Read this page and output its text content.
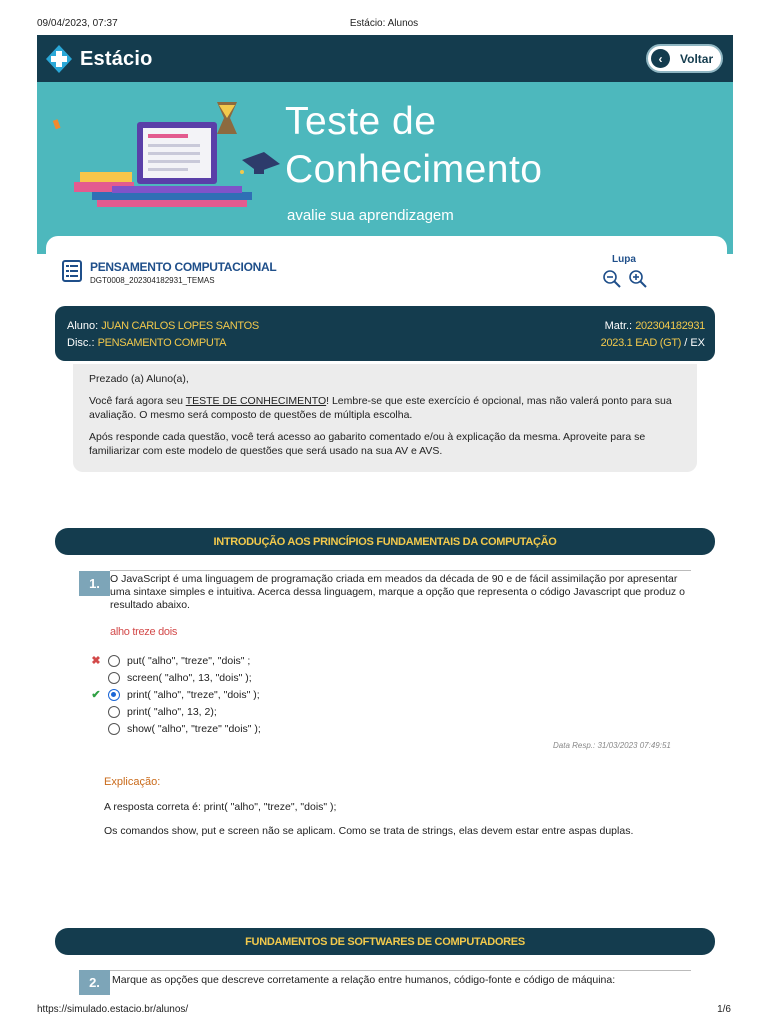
09/04/2023, 07:37	Estácio: Alunos
Estácio	‹	Voltar
Teste de
Conhecimento
avalie sua aprendizagem
PENSAMENTO COMPUTACIONAL
DGT0008_202304182931_TEMAS
Lupa
Aluno: JUAN CARLOS LOPES SANTOS
Disc.: PENSAMENTO COMPUTA
Matr.: 202304182931
2023.1 EAD (GT) / EX

Prezado (a) Aluno(a),

Você fará agora seu TESTE DE CONHECIMENTO! Lembre-se que este exercício é opcional, mas não valerá ponto para sua avaliação. O mesmo será composto de questões de múltipla escolha.

Após responde cada questão, você terá acesso ao gabarito comentado e/ou à explicação da mesma. Aproveite para se familiarizar com este modelo de questões que será usado na sua AV e AVS.

INTRODUÇÃO AOS PRINCÍPIOS FUNDAMENTAIS DA COMPUTAÇÃO
1. O JavaScript é uma linguagem de programação criada em meados da década de 90 e de fácil assimilação por apresentar uma sintaxe simples e intuitiva. Acerca dessa linguagem, marque a opção que representa o código Javascript que produz o resultado abaixo.
alho treze dois
✖	put( "alho", "treze", "dois" ;
screen( "alho", 13, "dois" );
✔	print( "alho", "treze", "dois" );
print( "alho", 13, 2);
show( "alho", "treze" "dois" );
Data Resp.: 31/03/2023 07:49:51
Explicação:
A resposta correta é: print( "alho", "treze", "dois" );
Os comandos show, put e screen não se aplicam. Como se trata de strings, elas devem estar entre aspas duplas.
FUNDAMENTOS DE SOFTWARES DE COMPUTADORES
2.	Marque as opções que descreve corretamente a relação entre humanos, código-fonte e código de máquina:
https://simulado.estacio.br/alunos/	1/6
